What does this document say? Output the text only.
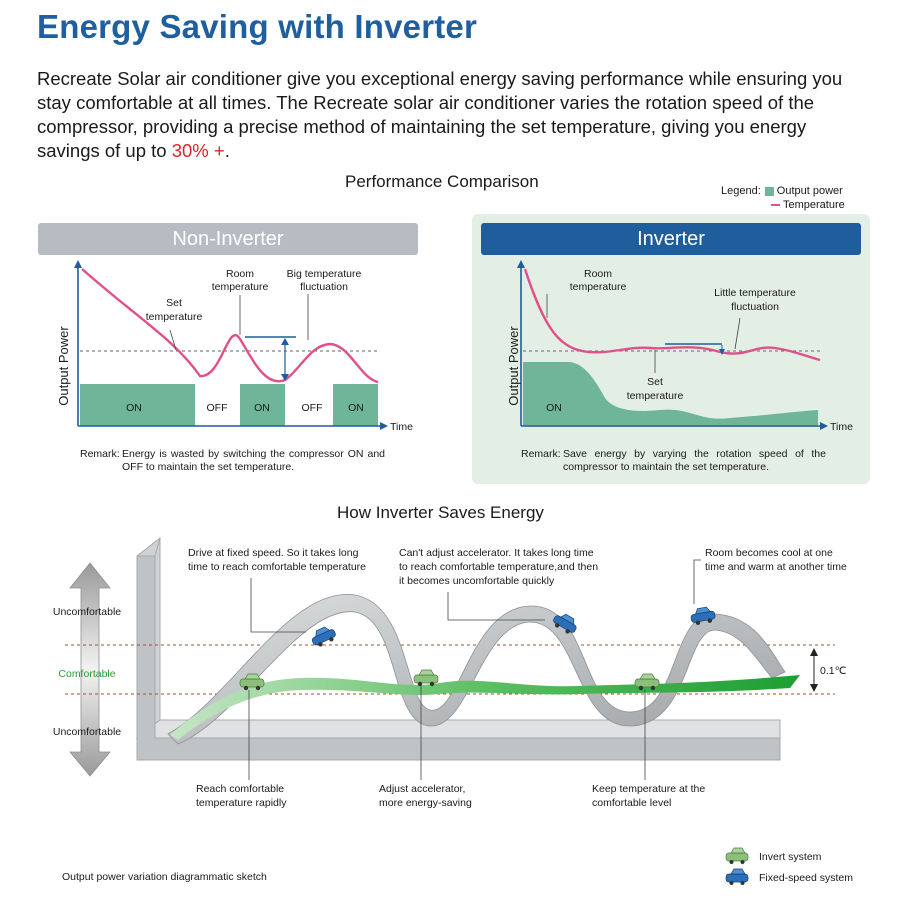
Energy Saving with Inverter
Recreate Solar air conditioner give you exceptional energy saving performance while ensuring you stay comfortable at all times. The Recreate solar air conditioner varies the rotation speed of the compressor, providing a precise method of maintaining the set temperature, giving you energy savings of up to 30% +.
Performance Comparison	Legend: Output power
Temperature
Non-Inverter	Inverter
ON	OFF	ON	OFF ON
Room
temperature
Big temperature
fluctuation
Set
temperature
Time
Output Power
ON
Room
temperature	Little temperature
fluctuation
Set
temperature
Time
Output Power
Uncomfortable
Comfortable
Uncomfortable
0.1℃
Drive at fixed speed. So it takes long
time to reach comfortable temperature
Can't adjust accelerator. It takes long time
to reach comfortable temperature,and then
it becomes uncomfortable quickly
Room becomes cool at one
time and warm at another time
Reach comfortable
temperature rapidly
Adjust accelerator,
more energy-saving
Keep temperature at the
comfortable level
Invert system
Fixed-speed system
Remark: Energy is wasted by switching the compressor ON and OFF to maintain the set temperature.
Remark: Save energy by varying the rotation speed of the compressor to maintain the set temperature.
How Inverter Saves Energy
Output power variation diagrammatic sketch
